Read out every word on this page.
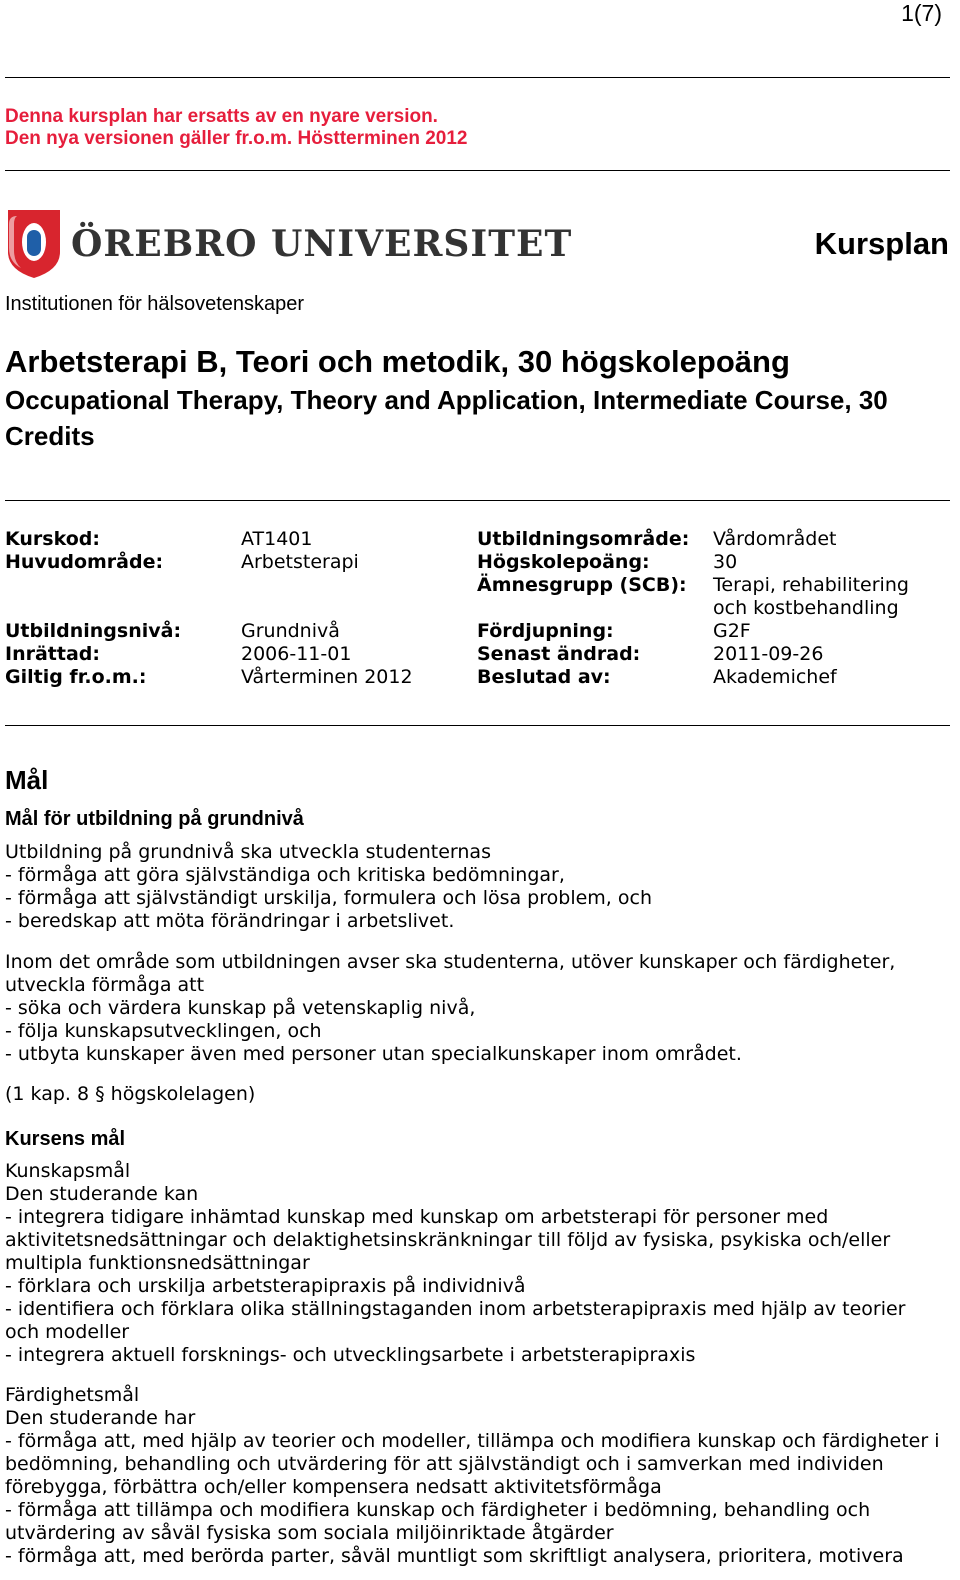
1(7)
Denna kursplan har ersatts av en nyare version.
Den nya versionen gäller fr.o.m. Höstterminen 2012
ÖREBRO UNIVERSITET	Kursplan
Institutionen för hälsovetenskaper
Arbetsterapi B, Teori och metodik, 30 högskolepoäng
Occupational Therapy, Theory and Application, Intermediate Course, 30 Credits
Kurskod:	AT1401	Utbildningsområde: Vårdområdet
Huvudområde:	Arbetsterapi	Högskolepoäng:	30
Ämnesgrupp (SCB): Terapi, rehabilitering
och kostbehandling
Utbildningsnivå:	Grundnivå	Fördjupning:	G2F
Inrättad:	2006-11-01	Senast ändrad:	2011-09-26
Giltig fr.o.m.:	Vårterminen 2012	Beslutad av:	Akademichef
Mål
Mål för utbildning på grundnivå
Utbildning på grundnivå ska utveckla studenternas
- förmåga att göra självständiga och kritiska bedömningar,
- förmåga att självständigt urskilja, formulera och lösa problem, och
- beredskap att möta förändringar i arbetslivet.
Inom det område som utbildningen avser ska studenterna, utöver kunskaper och färdigheter, utveckla förmåga att
- söka och värdera kunskap på vetenskaplig nivå,
- följa kunskapsutvecklingen, och
- utbyta kunskaper även med personer utan specialkunskaper inom området.
(1 kap. 8 § högskolelagen)
Kursens mål
Kunskapsmål
Den studerande kan
- integrera tidigare inhämtad kunskap med kunskap om arbetsterapi för personer med aktivitetsnedsättningar och delaktighetsinskränkningar till följd av fysiska, psykiska och/eller multipla funktionsnedsättningar
- förklara och urskilja arbetsterapipraxis på individnivå
- identifiera och förklara olika ställningstaganden inom arbetsterapipraxis med hjälp av teorier och modeller
- integrera aktuell forsknings- och utvecklingsarbete i arbetsterapipraxis
Färdighetsmål
Den studerande har
- förmåga att, med hjälp av teorier och modeller, tillämpa och modifiera kunskap och färdigheter i bedömning, behandling och utvärdering för att självständigt och i samverkan med individen förebygga, förbättra och/eller kompensera nedsatt aktivitetsförmåga
- förmåga att tillämpa och modifiera kunskap och färdigheter i bedömning, behandling och utvärdering av såväl fysiska som sociala miljöinriktade åtgärder
- förmåga att, med berörda parter, såväl muntligt som skriftligt analysera, prioritera, motivera
